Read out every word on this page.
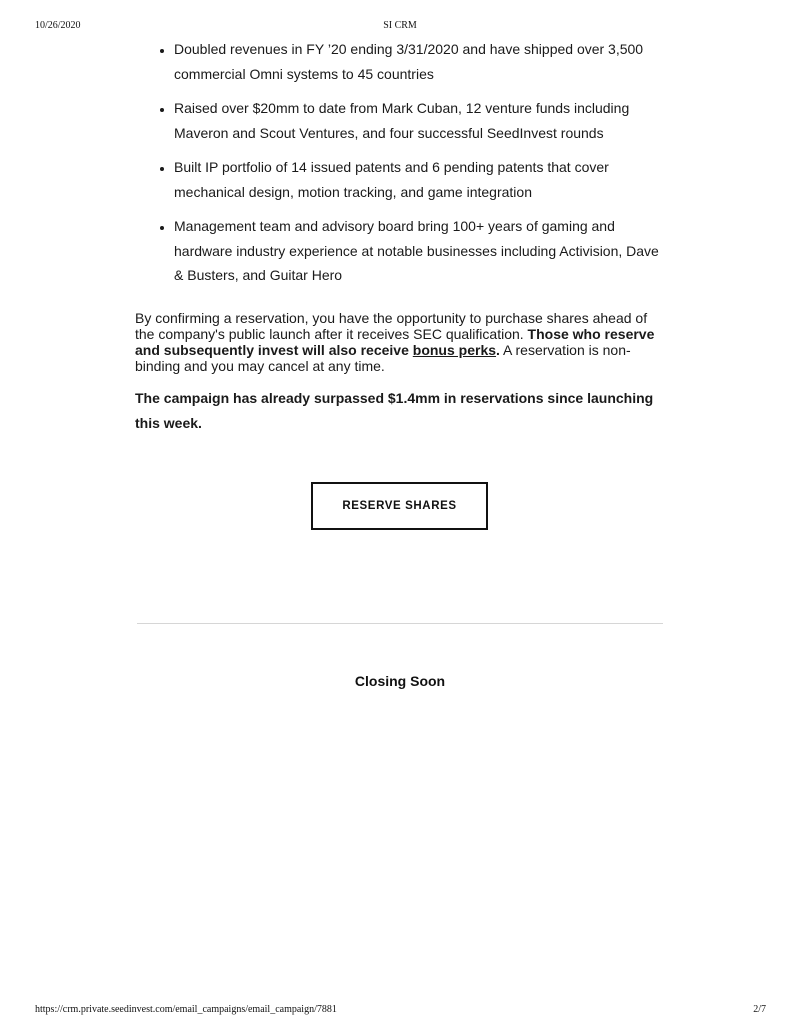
10/26/2020	SI CRM
• Doubled revenues in FY ’20 ending 3/31/2020 and have shipped over 3,500 commercial Omni systems to 45 countries
• Raised over $20mm to date from Mark Cuban, 12 venture funds including Maveron and Scout Ventures, and four successful SeedInvest rounds
• Built IP portfolio of 14 issued patents and 6 pending patents that cover mechanical design, motion tracking, and game integration
• Management team and advisory board bring 100+ years of gaming and hardware industry experience at notable businesses including Activision, Dave & Busters, and Guitar Hero

By confirming a reservation, you have the opportunity to purchase shares ahead of the company's public launch after it receives SEC qualification. Those who reserve and subsequently invest will also receive bonus perks. A reservation is non-binding and you may cancel at any time.

The campaign has already surpassed $1.4mm in reservations since launching this week.

RESERVE SHARES
Closing Soon
https://crm.private.seedinvest.com/email_campaigns/email_campaign/7881	2/7
